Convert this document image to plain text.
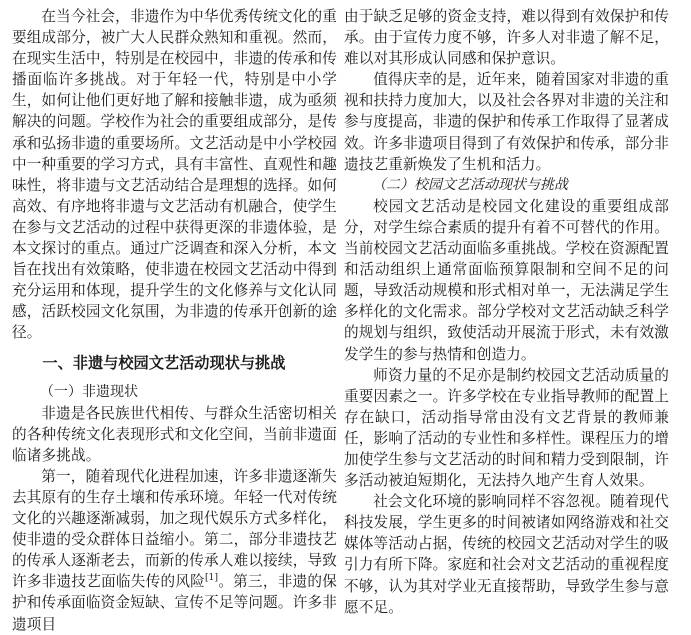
在当今社会，非遗作为中华优秀传统文化的重要组成部分，被广大人民群众熟知和重视。然而，在现实生活中，特别是在校园中，非遗的传承和传播面临许多挑战。对于年轻一代，特别是中小学生，如何让他们更好地了解和接触非遗，成为亟须解决的问题。学校作为社会的重要组成部分，是传承和弘扬非遗的重要场所。文艺活动是中小学校园中一种重要的学习方式，具有丰富性、直观性和趣味性，将非遗与文艺活动结合是理想的选择。如何高效、有序地将非遗与文艺活动有机融合，使学生在参与文艺活动的过程中获得更深的非遗体验，是本文探讨的重点。通过广泛调查和深入分析，本文旨在找出有效策略，使非遗在校园文艺活动中得到充分运用和体现，提升学生的文化修养与文化认同感，活跃校园文化氛围，为非遗的传承开创新的途径。

一、非遗与校园文艺活动现状与挑战

（一）非遗现状

非遗是各民族世代相传、与群众生活密切相关的各种传统文化表现形式和文化空间，当前非遗面临诸多挑战。

第一，随着现代化进程加速，许多非遗逐渐失去其原有的生存土壤和传承环境。年轻一代对传统文化的兴趣逐渐减弱，加之现代娱乐方式多样化，使非遗的受众群体日益缩小。第二，部分非遗技艺的传承人逐渐老去，而新的传承人难以接续，导致许多非遗技艺面临失传的风险[1]。第三，非遗的保护和传承面临资金短缺、宣传不足等问题。许多非遗项目

由于缺乏足够的资金支持，难以得到有效保护和传承。由于宣传力度不够，许多人对非遗了解不足，难以对其形成认同感和保护意识。

值得庆幸的是，近年来，随着国家对非遗的重视和扶持力度加大，以及社会各界对非遗的关注和参与度提高，非遗的保护和传承工作取得了显著成效。许多非遗项目得到了有效保护和传承，部分非遗技艺重新焕发了生机和活力。

（二）校园文艺活动现状与挑战

校园文艺活动是校园文化建设的重要组成部分，对学生综合素质的提升有着不可替代的作用。当前校园文艺活动面临多重挑战。学校在资源配置和活动组织上通常面临预算限制和空间不足的问题，导致活动规模和形式相对单一，无法满足学生多样化的文化需求。部分学校对文艺活动缺乏科学的规划与组织，致使活动开展流于形式，未有效激发学生的参与热情和创造力。

师资力量的不足亦是制约校园文艺活动质量的重要因素之一。许多学校在专业指导教师的配置上存在缺口，活动指导常由没有文艺背景的教师兼任，影响了活动的专业性和多样性。课程压力的增加使学生参与文艺活动的时间和精力受到限制，许多活动被迫短期化，无法持久地产生育人效果。

社会文化环境的影响同样不容忽视。随着现代科技发展，学生更多的时间被诸如网络游戏和社交媒体等活动占据，传统的校园文艺活动对学生的吸引力有所下降。家庭和社会对文艺活动的重视程度不够，认为其对学业无直接帮助，导致学生参与意愿不足。
